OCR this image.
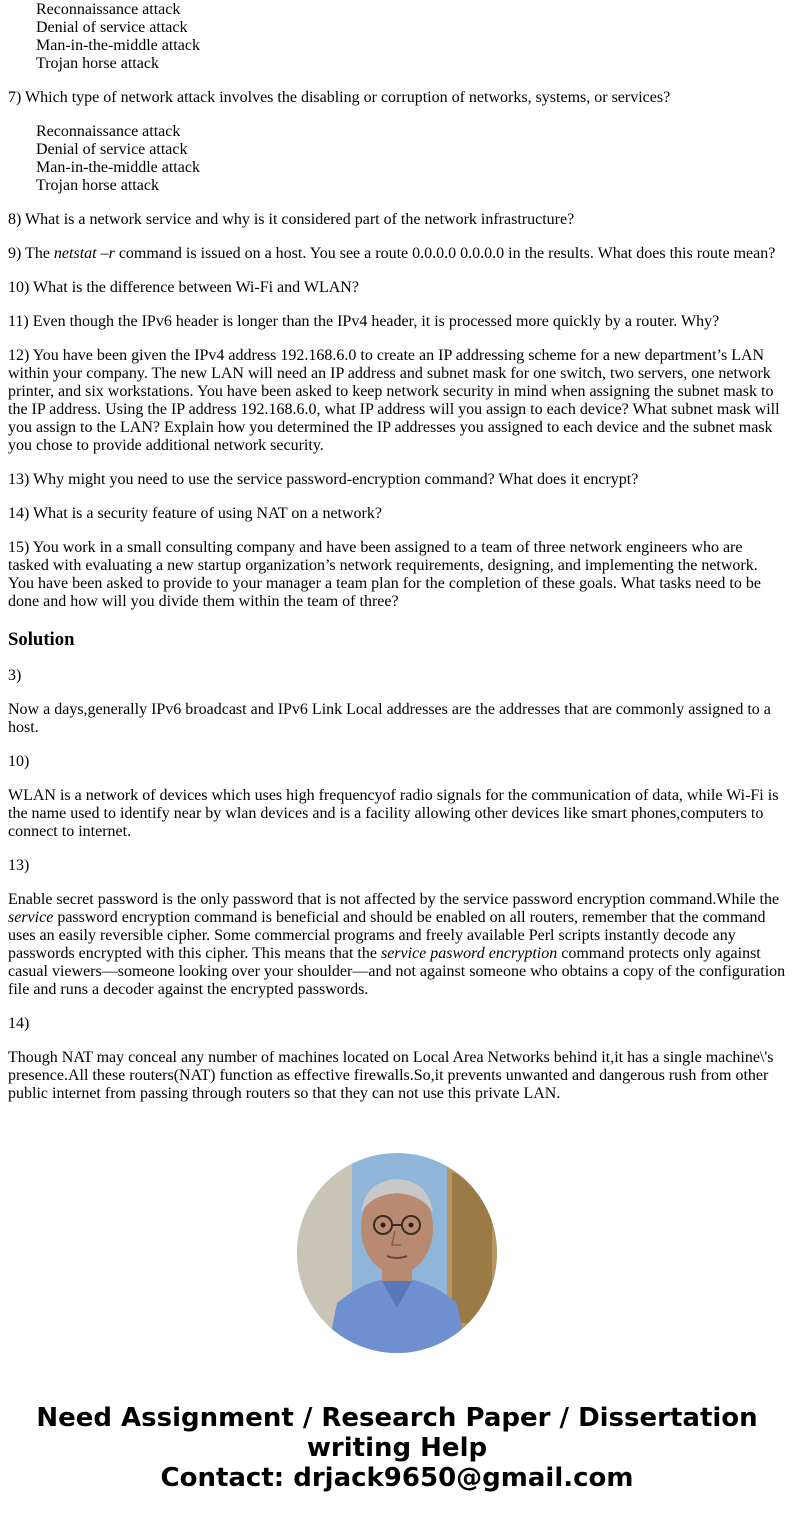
Reconnaissance attack
Denial of service attack
Man-in-the-middle attack
Trojan horse attack

7) Which type of network attack involves the disabling or corruption of networks, systems, or services?

Reconnaissance attack
Denial of service attack
Man-in-the-middle attack
Trojan horse attack

8) What is a network service and why is it considered part of the network infrastructure?

9) The netstat –r command is issued on a host. You see a route 0.0.0.0 0.0.0.0 in the results. What does this route mean?

10) What is the difference between Wi-Fi and WLAN?

11) Even though the IPv6 header is longer than the IPv4 header, it is processed more quickly by a router. Why?

12) You have been given the IPv4 address 192.168.6.0 to create an IP addressing scheme for a new department’s LAN within your company. The new LAN will need an IP address and subnet mask for one switch, two servers, one network printer, and six workstations. You have been asked to keep network security in mind when assigning the subnet mask to the IP address. Using the IP address 192.168.6.0, what IP address will you assign to each device? What subnet mask will you assign to the LAN? Explain how you determined the IP addresses you assigned to each device and the subnet mask you chose to provide additional network security.

13) Why might you need to use the service password-encryption command? What does it encrypt?

14) What is a security feature of using NAT on a network?

15) You work in a small consulting company and have been assigned to a team of three network engineers who are tasked with evaluating a new startup organization’s network requirements, designing, and implementing the network. You have been asked to provide to your manager a team plan for the completion of these goals. What tasks need to be done and how will you divide them within the team of three?

Solution

3)

Now a days,generally IPv6 broadcast and IPv6 Link Local addresses are the addresses that are commonly assigned to a host.

10)

WLAN is a network of devices which uses high frequencyof radio signals for the communication of data, while Wi-Fi is the name used to identify near by wlan devices and is a facility allowing other devices like smart phones,computers to connect to internet.

13)

Enable secret password is the only password that is not affected by the service password encryption command.While the service password encryption command is beneficial and should be enabled on all routers, remember that the command uses an easily reversible cipher. Some commercial programs and freely available Perl scripts instantly decode any passwords encrypted with this cipher. This means that the service pasword encryption command protects only against casual viewers—someone looking over your shoulder—and not against someone who obtains a copy of the configuration file and runs a decoder against the encrypted passwords.

14)

Though NAT may conceal any number of machines located on Local Area Networks behind it,it has a single machine\'s presence.All these routers(NAT) function as effective firewalls.So,it prevents unwanted and dangerous rush from other public internet from passing through routers so that they can not use this private LAN.

Need Assignment / Research Paper / Dissertation
writing Help
Contact: drjack9650@gmail.com
